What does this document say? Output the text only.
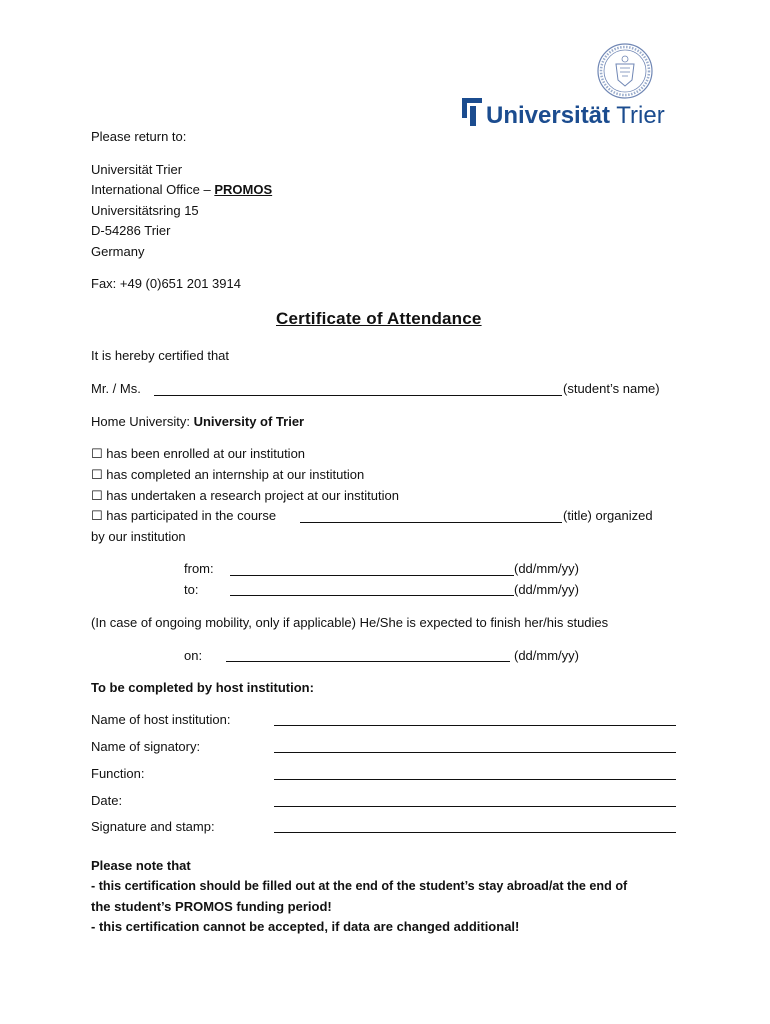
Universität Trier
Please return to:
Universität Trier
International Office – PROMOS
Universitätsring 15
D-54286 Trier
Germany
Fax: +49 (0)651 201 3914
Certificate of Attendance
It is hereby certified that
Mr. / Ms.	(student’s name)
Home University: University of Trier
☐ has been enrolled at our institution
☐ has completed an internship at our institution
☐ has undertaken a research project at our institution
☐ has participated in the course	(title) organized
by our institution
from:	(dd/mm/yy)
to:	(dd/mm/yy)
(In case of ongoing mobility, only if applicable) He/She is expected to finish her/his studies
on:	(dd/mm/yy)
To be completed by host institution:
Name of host institution:
Name of signatory:
Function:
Date:
Signature and stamp:
Please note that
- this certification should be filled out at the end of the student’s stay abroad/at the end of
the student’s PROMOS funding period!
- this certification cannot be accepted, if data are changed additional!
